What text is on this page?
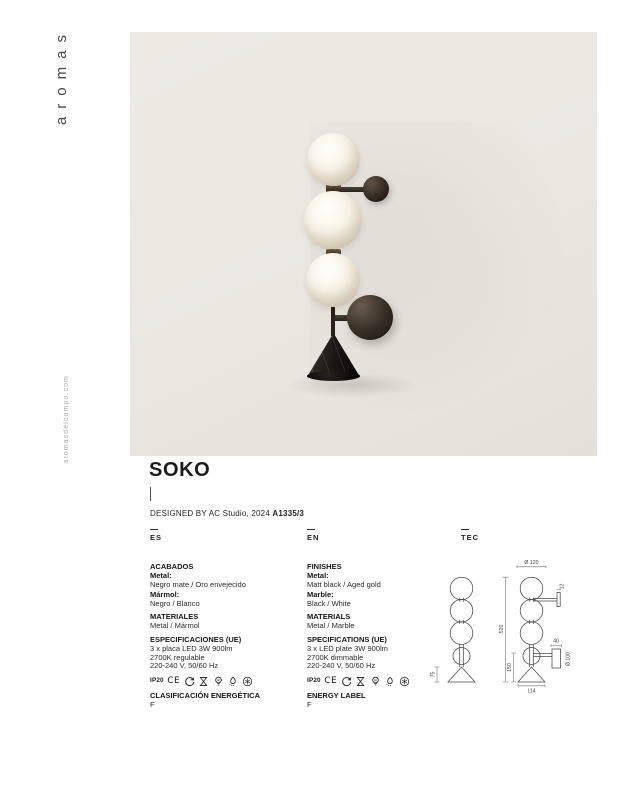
aromas
aromasdelcampo.com
SOKO
DESIGNED BY AC Studio, 2024 A1335/3
ES	EN	TEC
ACABADOS
Metal:
Negro mate / Oro envejecido
Mármol:
Negro / Blanco
MATERIALES
Metal / Mármol
ESPECIFICACIONES (UE)
3 x placa LED 3W 900lm
2700K regulable
220-240 V, 50/60 Hz
IP20 CE
CLASIFICACIÓN ENERGÉTICA
F
FINISHES
Metal:
Matt black / Aged gold
Marble:
Black / White
MATERIALS
Metal / Marble
SPECIFICATIONS (UE)
3 x LED plate 3W 900lm
2700K dimmable
220-240 V, 50/60 Hz
IP20 CE
ENERGY LABEL
F
75
Ø 120
12
520
150
40
Ø 100
114
